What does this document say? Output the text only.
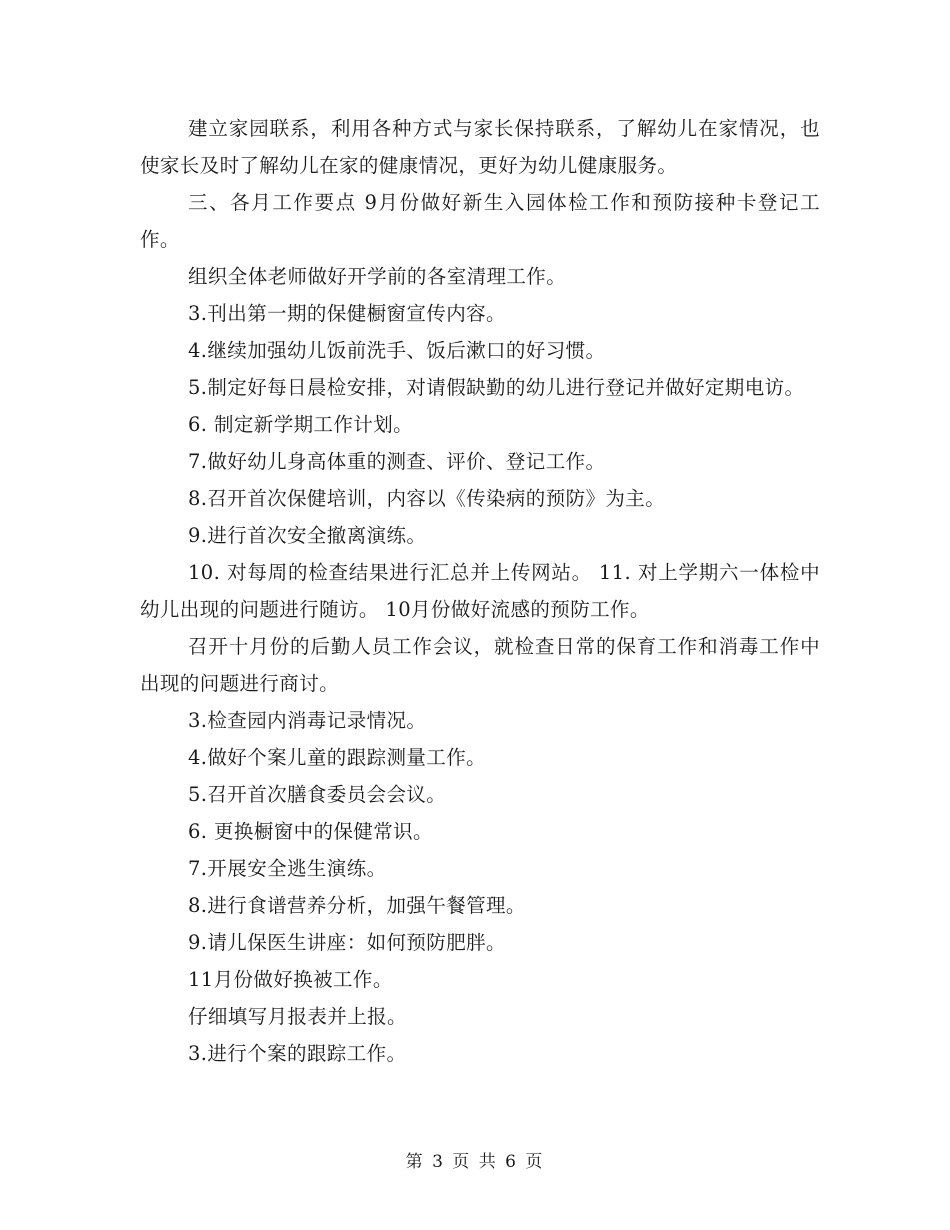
建立家园联系，利用各种方式与家长保持联系，了解幼儿在家情况，也使家长及时了解幼儿在家的健康情况，更好为幼儿健康服务。

三、各月工作要点 9月份做好新生入园体检工作和预防接种卡登记工作。

组织全体老师做好开学前的各室清理工作。

3.刊出第一期的保健橱窗宣传内容。

4.继续加强幼儿饭前洗手、饭后漱口的好习惯。

5.制定好每日晨检安排，对请假缺勤的幼儿进行登记并做好定期电访。

6. 制定新学期工作计划。

7.做好幼儿身高体重的测查、评价、登记工作。

8.召开首次保健培训，内容以《传染病的预防》为主。

9.进行首次安全撤离演练。

10. 对每周的检查结果进行汇总并上传网站。 11. 对上学期六一体检中幼儿出现的问题进行随访。 10月份做好流感的预防工作。

召开十月份的后勤人员工作会议，就检查日常的保育工作和消毒工作中出现的问题进行商讨。

3.检查园内消毒记录情况。

4.做好个案儿童的跟踪测量工作。

5.召开首次膳食委员会会议。

6. 更换橱窗中的保健常识。

7.开展安全逃生演练。

8.进行食谱营养分析，加强午餐管理。

9.请儿保医生讲座：如何预防肥胖。

11月份做好换被工作。

仔细填写月报表并上报。

3.进行个案的跟踪工作。

第 3 页 共 6 页
